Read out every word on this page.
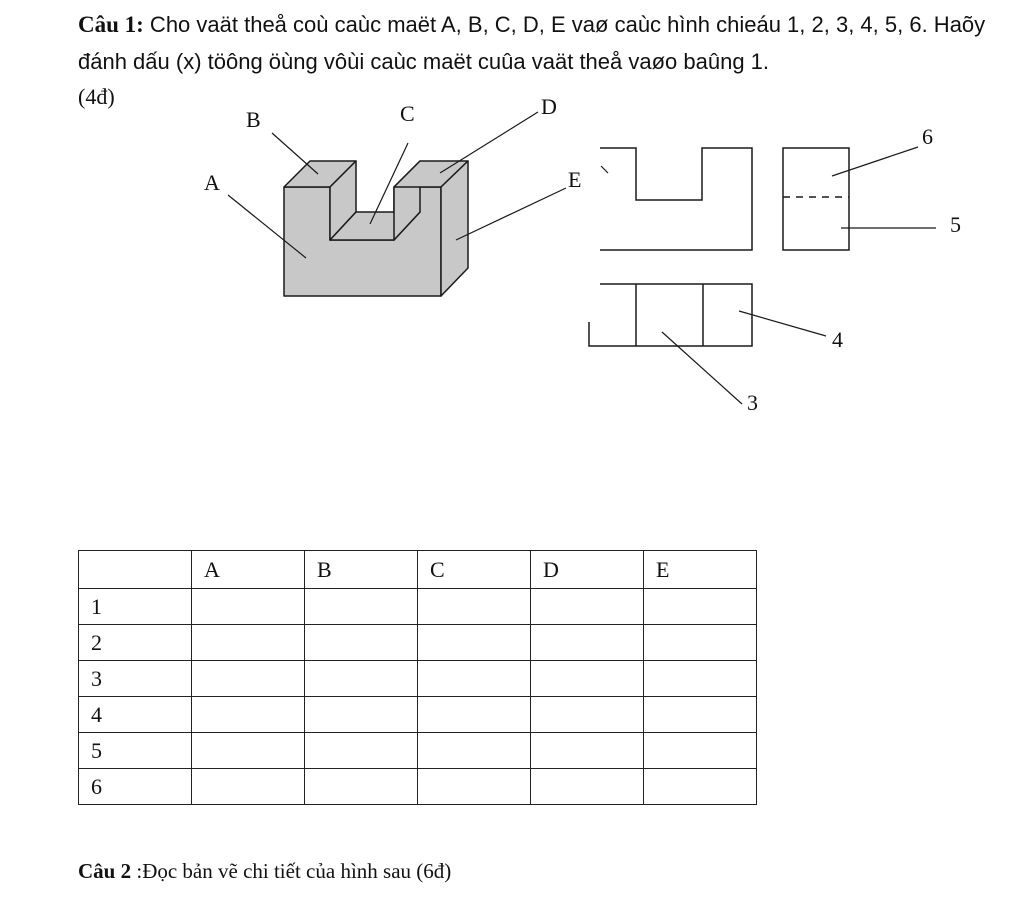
Câu 1: Cho vaät theå coù caùc maët A, B, C, D, E vaø caùc hình chieáu 1, 2, 3, 4, 5, 6. Haõy đánh dấu (x) töông öùng vôùi caùc maët cuûa vaät theå vaøo baûng 1.
(4đ)
A
B	C	D
E
3
4
5
6
	A	B	C	D	E
1					
2					
3					
4					
5					
6					
Câu 2 :Đọc bản vẽ chi tiết của hình sau (6đ)
